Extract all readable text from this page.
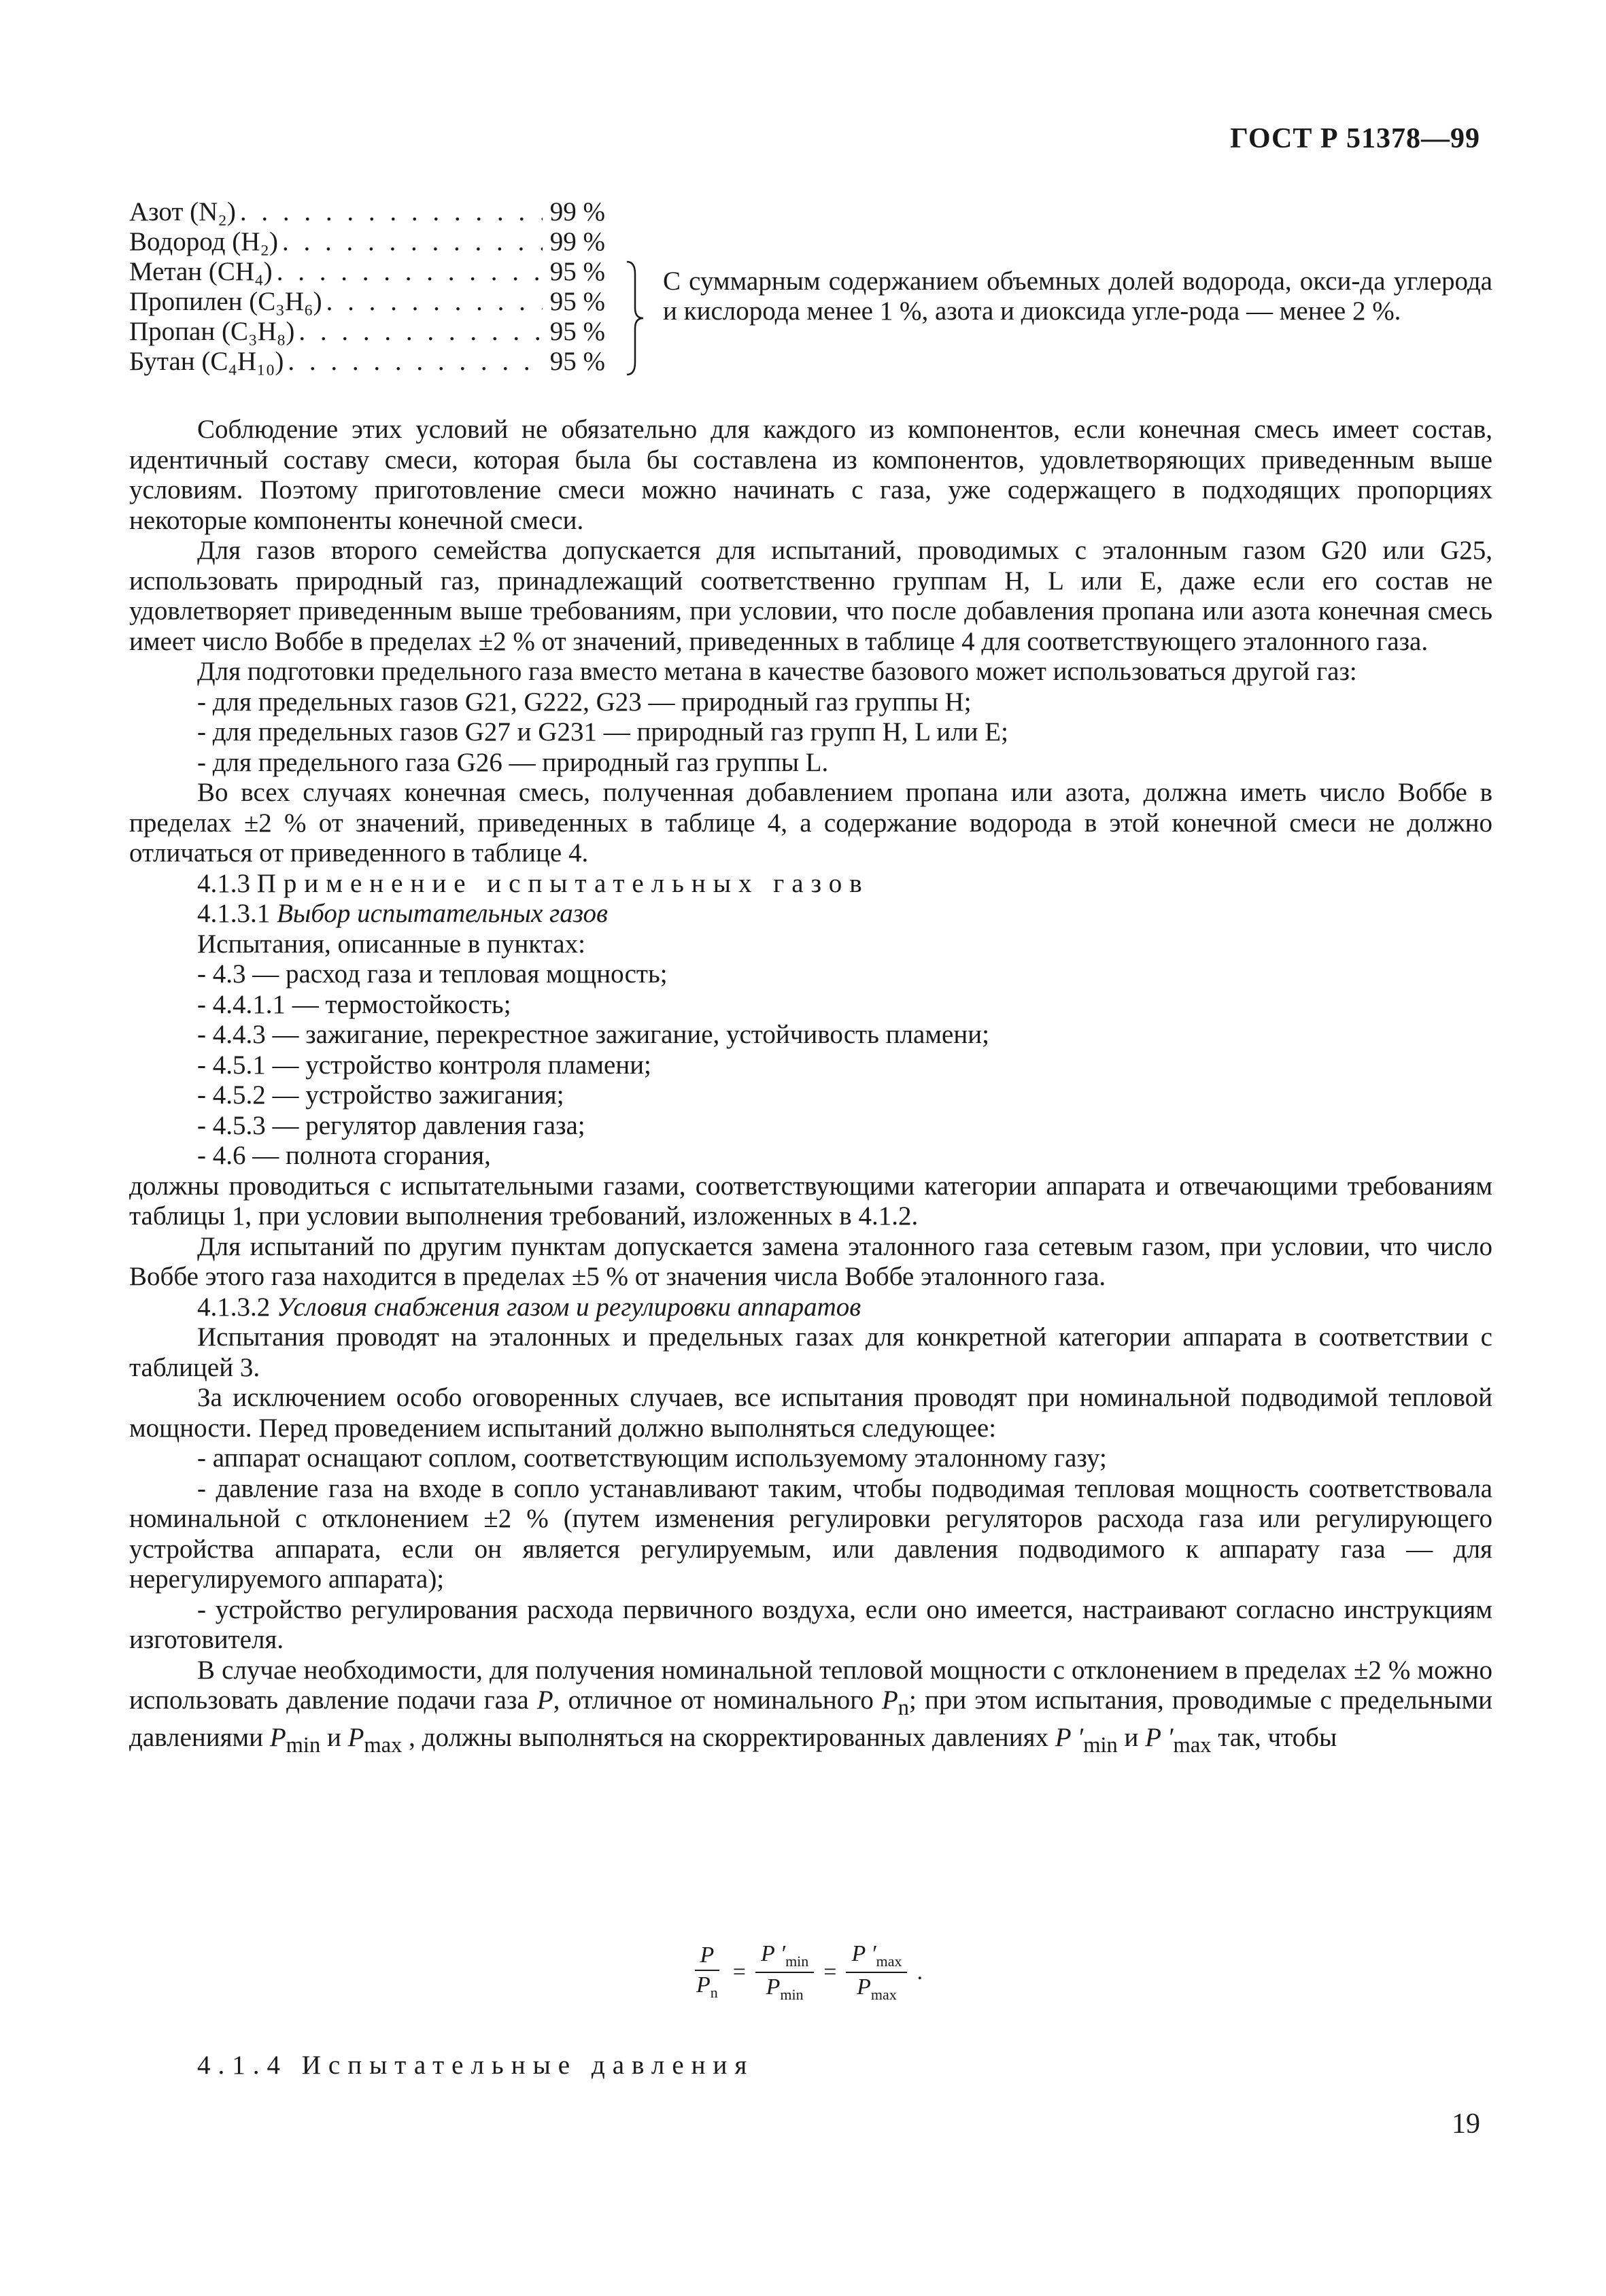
ГОСТ Р 51378—99
Азот (N₂) . . .	99 %
Водород (H₂) . . .	99 %
Метан (CH₄) . . .	95 %
Пропилен (C₃H₆) . . .	95 %
Пропан (C₃H₈) . . .	95 %
Бутан (C₄H₁₀) . . .	95 %
С суммарным содержанием объемных долей водорода, окси-да углерода и кислорода менее 1 %, азота и диоксида угле-рода — менее 2 %.

Соблюдение этих условий не обязательно для каждого из компонентов, если конечная смесь имеет состав, идентичный составу смеси, которая была бы составлена из компонентов, удовлетворяющих приведенным выше условиям. Поэтому приготовление смеси можно начинать с газа, уже содержащего в подходящих пропорциях некоторые компоненты конечной смеси.

Для газов второго семейства допускается для испытаний, проводимых с эталонным газом G20 или G25, использовать природный газ, принадлежащий соответственно группам H, L или E, даже если его состав не удовлетворяет приведенным выше требованиям, при условии, что после добавления пропана или азота конечная смесь имеет число Воббе в пределах ±2 % от значений, приведенных в таблице 4 для соответствующего эталонного газа.

Для подготовки предельного газа вместо метана в качестве базового может использоваться другой газ:

- для предельных газов G21, G222, G23 — природный газ группы H;

- для предельных газов G27 и G231 — природный газ групп H, L или E;

- для предельного газа G26 — природный газ группы L.

Во всех случаях конечная смесь, полученная добавлением пропана или азота, должна иметь число Воббе в пределах ±2 % от значений, приведенных в таблице 4, а содержание водорода в этой конечной смеси не должно отличаться от приведенного в таблице 4.

4.1.3 Применение испытательных газов

4.1.3.1 Выбор испытательных газов

Испытания, описанные в пунктах:

- 4.3 — расход газа и тепловая мощность;

- 4.4.1.1 — термостойкость;

- 4.4.3 — зажигание, перекрестное зажигание, устойчивость пламени;

- 4.5.1 — устройство контроля пламени;

- 4.5.2 — устройство зажигания;

- 4.5.3 — регулятор давления газа;

- 4.6 — полнота сгорания,

должны проводиться с испытательными газами, соответствующими категории аппарата и отвечающими требованиям таблицы 1, при условии выполнения требований, изложенных в 4.1.2.

Для испытаний по другим пунктам допускается замена эталонного газа сетевым газом, при условии, что число Воббе этого газа находится в пределах ±5 % от значения числа Воббе эталонного газа.

4.1.3.2 Условия снабжения газом и регулировки аппаратов

Испытания проводят на эталонных и предельных газах для конкретной категории аппарата в соответствии с таблицей 3.

За исключением особо оговоренных случаев, все испытания проводят при номинальной подводимой тепловой мощности. Перед проведением испытаний должно выполняться следующее:

- аппарат оснащают соплом, соответствующим используемому эталонному газу;

- давление газа на входе в сопло устанавливают таким, чтобы подводимая тепловая мощность соответствовала номинальной с отклонением ±2 % (путем изменения регулировки регуляторов расхода газа или регулирующего устройства аппарата, если он является регулируемым, или давления подводимого к аппарату газа — для нерегулируемого аппарата);

- устройство регулирования расхода первичного воздуха, если оно имеется, настраивают согласно инструкциям изготовителя.

В случае необходимости, для получения номинальной тепловой мощности с отклонением в пределах ±2 % можно использовать давление подачи газа P, отличное от номинального $P_n$; при этом испытания, проводимые с предельными давлениями $P_{min}$ и $P_{max}$ , должны выполняться на скорректированных давлениях P $'_{min}$ и P $'_{max}$ так, чтобы

$\frac{P}{P_n} = \frac{P '_{min}}{P_{min}} = \frac{P '_{max}}{P_{max}}$ .
4.1.4 Испытательные давления
19
